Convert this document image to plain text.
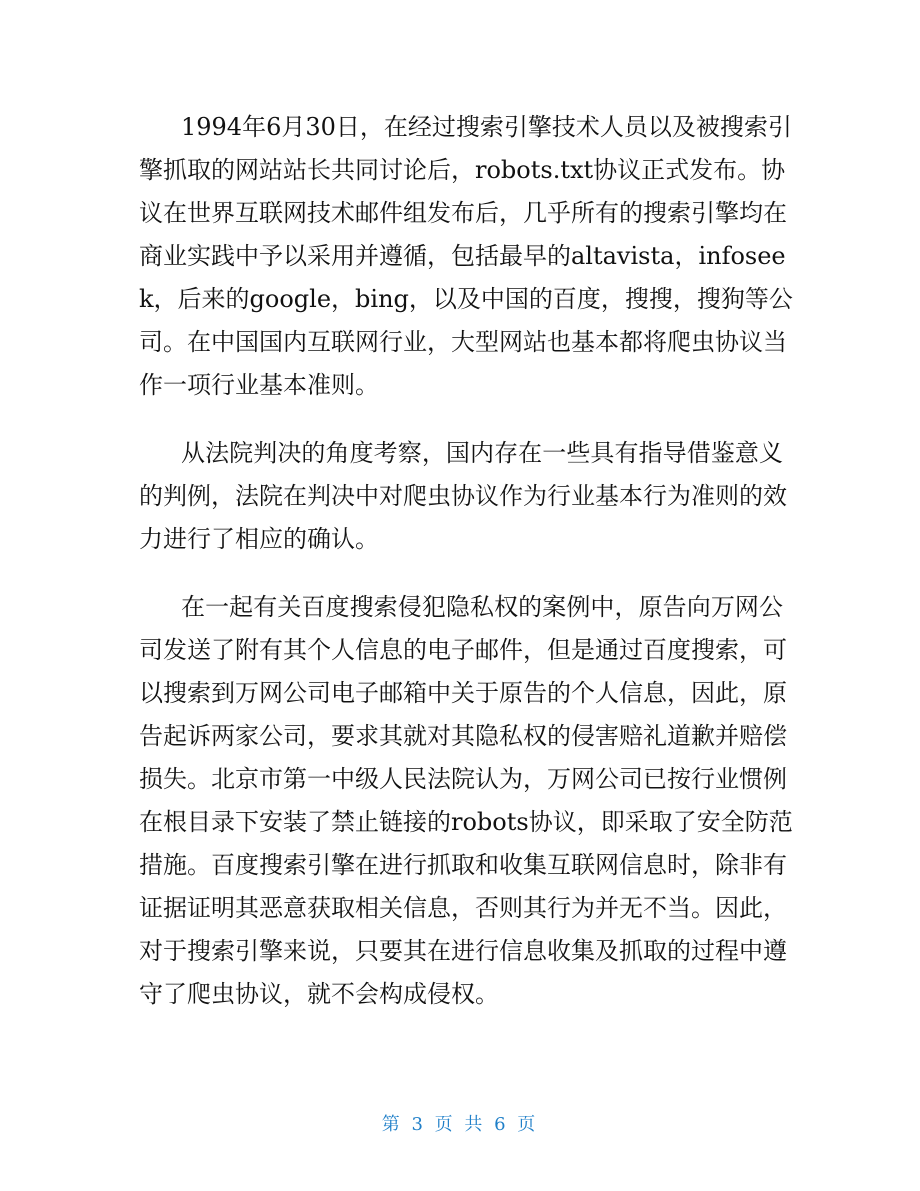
1994年6月30日，在经过搜索引擎技术人员以及被搜索引
擎抓取的网站站长共同讨论后，robots.txt协议正式发布。协
议在世界互联网技术邮件组发布后，几乎所有的搜索引擎均在
商业实践中予以采用并遵循，包括最早的altavista，infosee
k，后来的google，bing，以及中国的百度，搜搜，搜狗等公
司。在中国国内互联网行业，大型网站也基本都将爬虫协议当
作一项行业基本准则。
从法院判决的角度考察，国内存在一些具有指导借鉴意义
的判例，法院在判决中对爬虫协议作为行业基本行为准则的效
力进行了相应的确认。
在一起有关百度搜索侵犯隐私权的案例中，原告向万网公
司发送了附有其个人信息的电子邮件，但是通过百度搜索，可
以搜索到万网公司电子邮箱中关于原告的个人信息，因此，原
告起诉两家公司，要求其就对其隐私权的侵害赔礼道歉并赔偿
损失。北京市第一中级人民法院认为，万网公司已按行业惯例
在根目录下安装了禁止链接的robots协议，即采取了安全防范
措施。百度搜索引擎在进行抓取和收集互联网信息时，除非有
证据证明其恶意获取相关信息，否则其行为并无不当。因此，
对于搜索引擎来说，只要其在进行信息收集及抓取的过程中遵
守了爬虫协议，就不会构成侵权。
第 3 页 共 6 页
